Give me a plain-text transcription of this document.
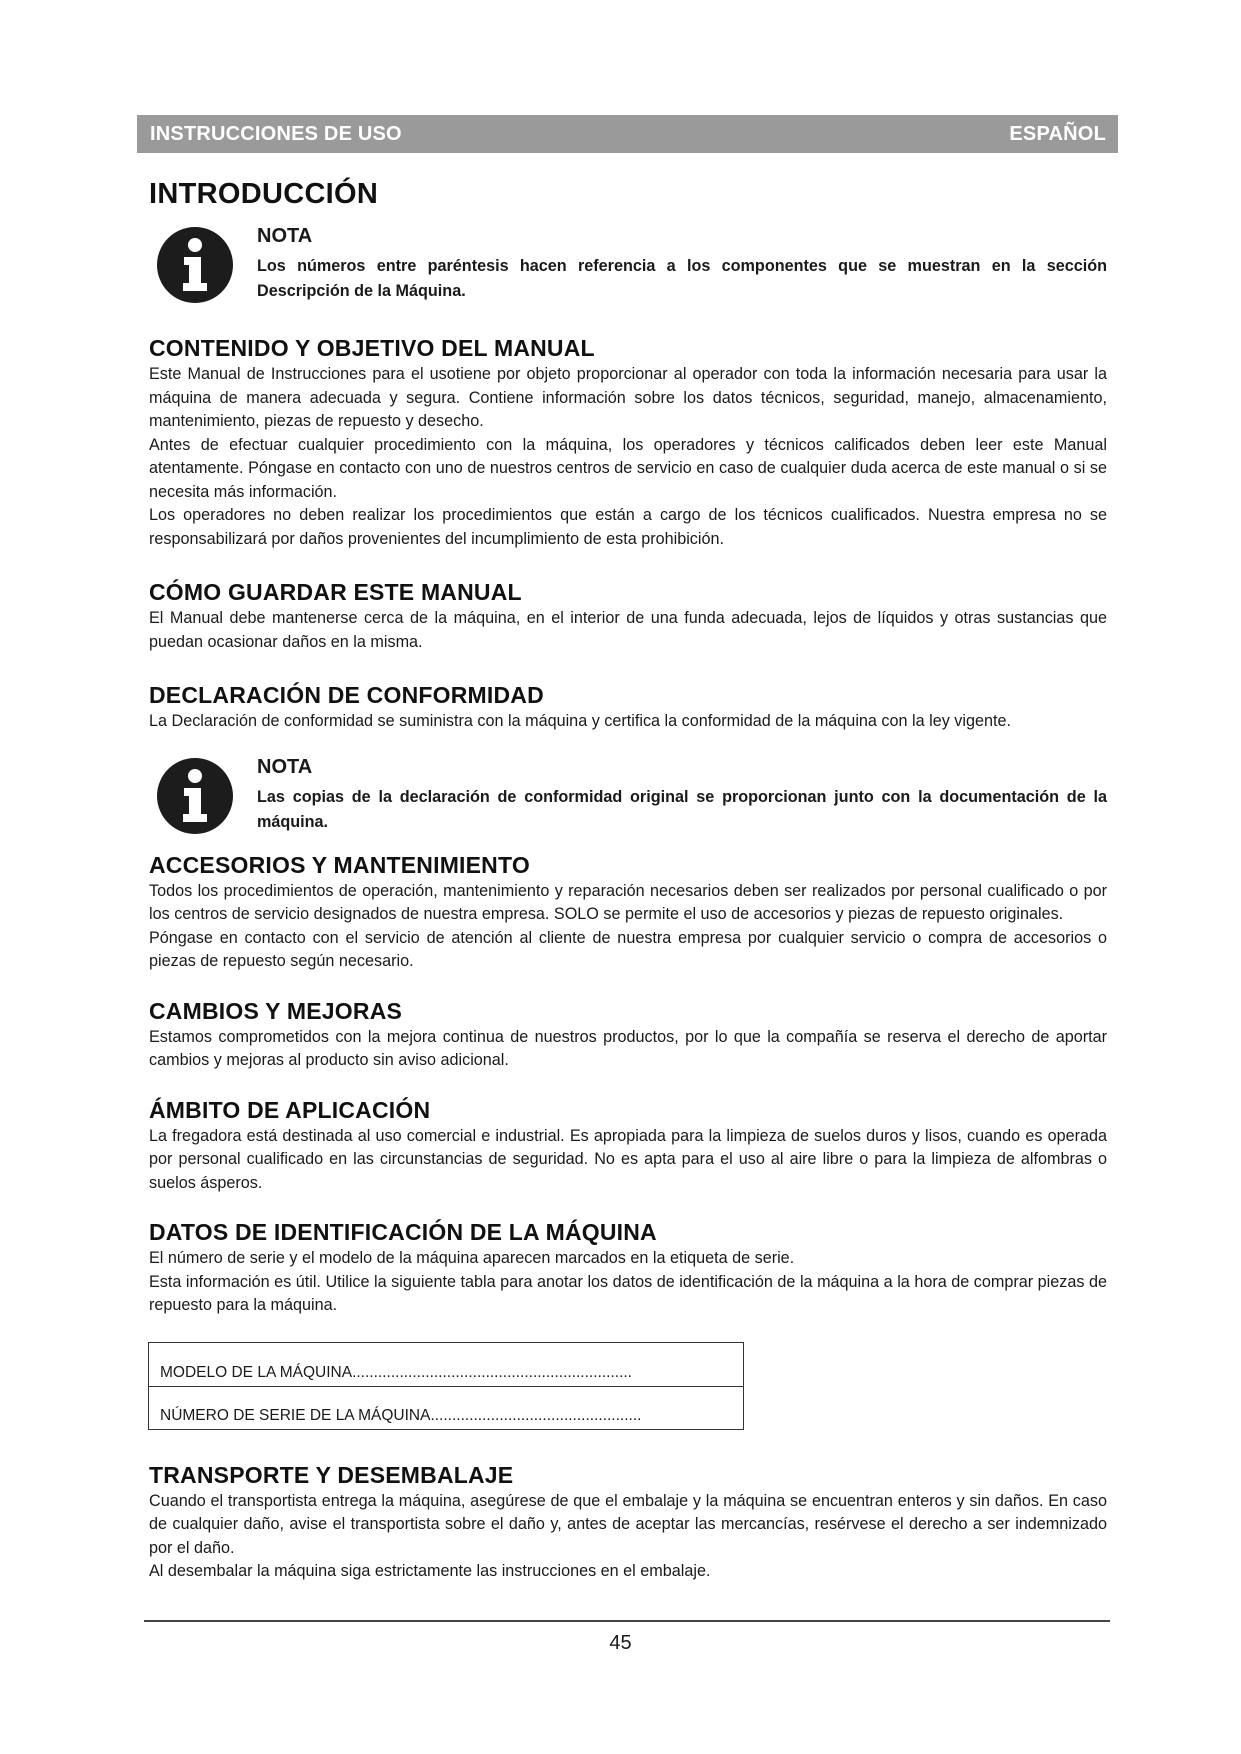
INSTRUCCIONES DE USO	ESPAÑOL
INTRODUCCIÓN
NOTA

Los números entre paréntesis hacen referencia a los componentes que se muestran en la sección Descripción de la Máquina.

CONTENIDO Y OBJETIVO DEL MANUAL

Este Manual de Instrucciones para el usotiene por objeto proporcionar al operador con toda la información necesaria para usar la máquina de manera adecuada y segura. Contiene información sobre los datos técnicos, seguridad, manejo, almacenamiento, mantenimiento, piezas de repuesto y desecho.

Antes de efectuar cualquier procedimiento con la máquina, los operadores y técnicos calificados deben leer este Manual atentamente. Póngase en contacto con uno de nuestros centros de servicio en caso de cualquier duda acerca de este manual o si se necesita más información.

Los operadores no deben realizar los procedimientos que están a cargo de los técnicos cualificados. Nuestra empresa no se responsabilizará por daños provenientes del incumplimiento de esta prohibición.

CÓMO GUARDAR ESTE MANUAL

El Manual debe mantenerse cerca de la máquina, en el interior de una funda adecuada, lejos de líquidos y otras sustancias que puedan ocasionar daños en la misma.

DECLARACIÓN DE CONFORMIDAD

La Declaración de conformidad se suministra con la máquina y certifica la conformidad de la máquina con la ley vigente.

NOTA

Las copias de la declaración de conformidad original se proporcionan junto con la documentación de la máquina.

ACCESORIOS Y MANTENIMIENTO

Todos los procedimientos de operación, mantenimiento y reparación necesarios deben ser realizados por personal cualificado o por los centros de servicio designados de nuestra empresa. SOLO se permite el uso de accesorios y piezas de repuesto originales.

Póngase en contacto con el servicio de atención al cliente de nuestra empresa por cualquier servicio o compra de accesorios o piezas de repuesto según necesario.

CAMBIOS Y MEJORAS

Estamos comprometidos con la mejora continua de nuestros productos, por lo que la compañía se reserva el derecho de aportar cambios y mejoras al producto sin aviso adicional.

ÁMBITO DE APLICACIÓN

La fregadora está destinada al uso comercial e industrial. Es apropiada para la limpieza de suelos duros y lisos, cuando es operada por personal cualificado en las circunstancias de seguridad. No es apta para el uso al aire libre o para la limpieza de alfombras o suelos ásperos.

DATOS DE IDENTIFICACIÓN DE LA MÁQUINA

El número de serie y el modelo de la máquina aparecen marcados en la etiqueta de serie.

Esta información es útil. Utilice la siguiente tabla para anotar los datos de identificación de la máquina a la hora de comprar piezas de repuesto para la máquina.

MODELO DE LA MÁQUINA.................................................................
NÚMERO DE SERIE DE LA MÁQUINA.................................................
TRANSPORTE Y DESEMBALAJE

Cuando el transportista entrega la máquina, asegúrese de que el embalaje y la máquina se encuentran enteros y sin daños. En caso de cualquier daño, avise el transportista sobre el daño y, antes de aceptar las mercancías, resérvese el derecho a ser indemnizado por el daño.

Al desembalar la máquina siga estrictamente las instrucciones en el embalaje.

45
